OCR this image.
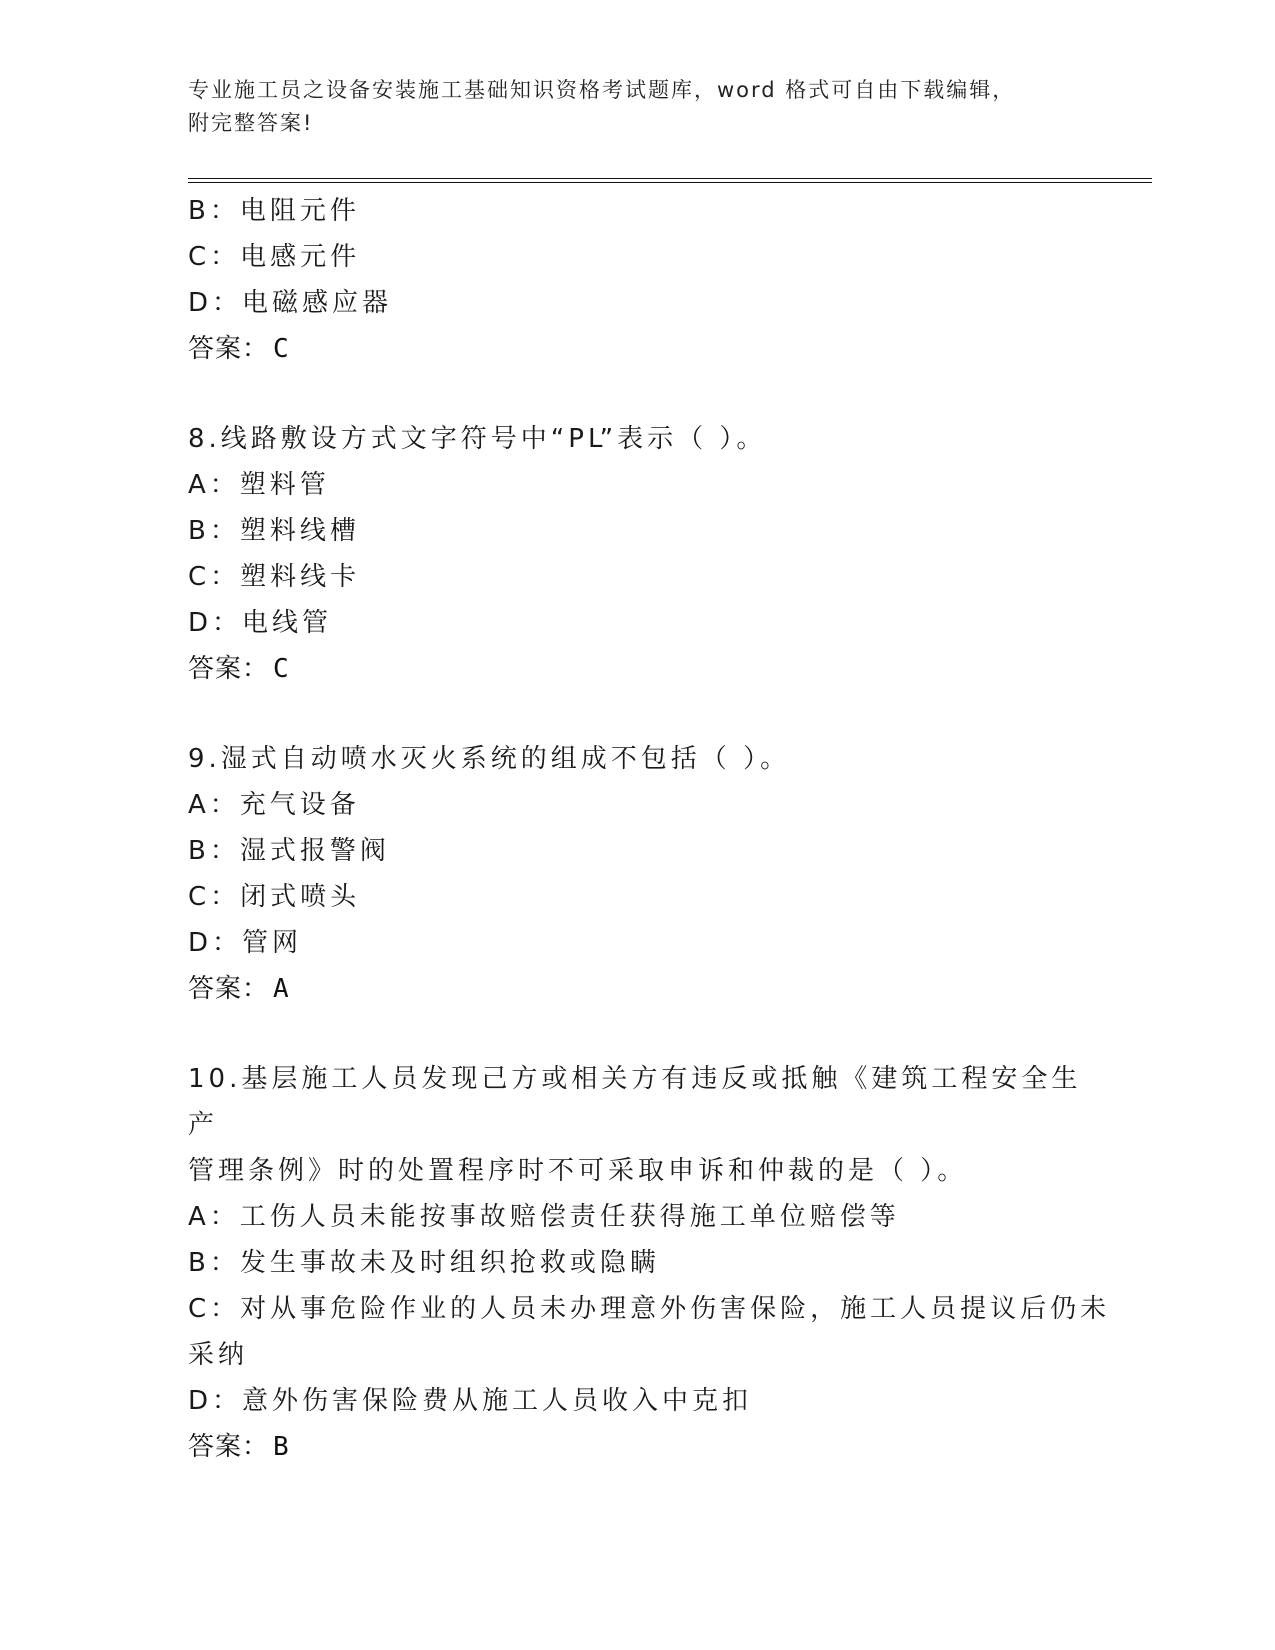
专业施工员之设备安装施工基础知识资格考试题库，word 格式可自由下载编辑，
附完整答案!
B：电阻元件
C：电感元件
D：电磁感应器
答案： C
8.线路敷设方式文字符号中“PL”表示（ ）。
A：塑料管
B：塑料线槽
C：塑料线卡
D：电线管
答案： C
9.湿式自动喷水灭火系统的组成不包括（ ）。
A：充气设备
B：湿式报警阀
C：闭式喷头
D：管网
答案： A
10.基层施工人员发现己方或相关方有违反或抵触《建筑工程安全生产
管理条例》时的处置程序时不可采取申诉和仲裁的是（ ）。
A：工伤人员未能按事故赔偿责任获得施工单位赔偿等
B：发生事故未及时组织抢救或隐瞒
C：对从事危险作业的人员未办理意外伤害保险，施工人员提议后仍未
采纳
D：意外伤害保险费从施工人员收入中克扣
答案： B
